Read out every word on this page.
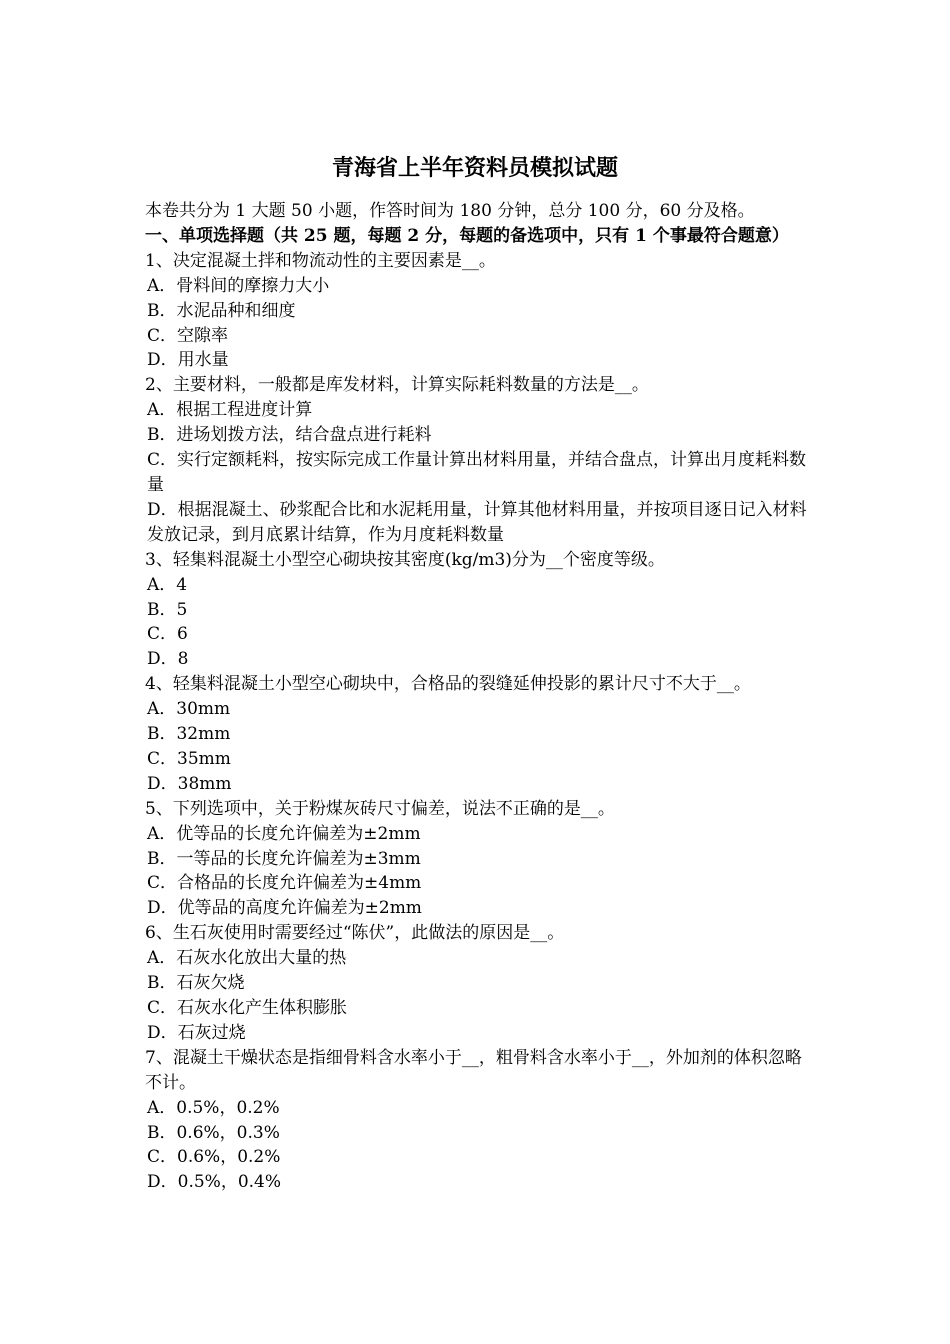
青海省上半年资料员模拟试题
本卷共分为 1 大题 50 小题，作答时间为 180 分钟，总分 100 分，60 分及格。
一、单项选择题（共 25 题，每题 2 分，每题的备选项中，只有 1 个事最符合题意）
1、决定混凝土拌和物流动性的主要因素是__。
A．骨料间的摩擦力大小
B．水泥品种和细度
C．空隙率
D．用水量
2、主要材料，一般都是库发材料，计算实际耗料数量的方法是__。
A．根据工程进度计算
B．进场划拨方法，结合盘点进行耗料
C．实行定额耗料，按实际完成工作量计算出材料用量，并结合盘点，计算出月度耗料数量
D．根据混凝土、砂浆配合比和水泥耗用量，计算其他材料用量，并按项目逐日记入材料发放记录，到月底累计结算，作为月度耗料数量
3、轻集料混凝土小型空心砌块按其密度(kg/m3)分为__个密度等级。
A．4
B．5
C．6
D．8
4、轻集料混凝土小型空心砌块中，合格品的裂缝延伸投影的累计尺寸不大于__。
A．30mm
B．32mm
C．35mm
D．38mm
5、下列选项中，关于粉煤灰砖尺寸偏差，说法不正确的是__。
A．优等品的长度允许偏差为±2mm
B．一等品的长度允许偏差为±3mm
C．合格品的长度允许偏差为±4mm
D．优等品的高度允许偏差为±2mm
6、生石灰使用时需要经过“陈伏”，此做法的原因是__。
A．石灰水化放出大量的热
B．石灰欠烧
C．石灰水化产生体积膨胀
D．石灰过烧
7、混凝土干燥状态是指细骨料含水率小于__，粗骨料含水率小于__，外加剂的体积忽略不计。
A．0.5%，0.2%
B．0.6%，0.3%
C．0.6%，0.2%
D．0.5%，0.4%
